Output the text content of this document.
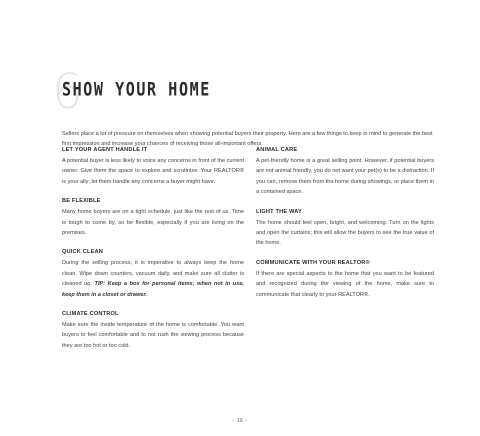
6
SHOW YOUR HOME
Sellers place a lot of pressure on themselves when showing potential buyers their property. Here are a few things to keep in mind to generate the best first impression and increase your chances of receiving those all-important offers.
LET YOUR AGENT HANDLE IT

A potential buyer is less likely to voice any concerns in front of the current owner. Give them the space to explore and scrutinize. Your REALTOR® is your ally; let them handle any concerns a buyer might have.

BE FLEXIBLE

Many home buyers are on a tight schedule, just like the rest of us. Time is tough to come by, so be flexible, especially if you are living on the premises.

QUICK CLEAN

During the selling process, it is imperative to always keep the home clean. Wipe down counters, vacuum daily, and make sure all clutter is cleaned up. TIP: Keep a box for personal items; when not in use, keep them in a closet or drawer.

CLIMATE CONTROL

Make sure the inside temperature of the home is comfortable. You want buyers to feel comfortable and to not rush the viewing process because they are too hot or too cold.

ANIMAL CARE

A pet-friendly home is a great selling point. However, if potential buyers are not animal friendly, you do not want your pet(s) to be a distraction. If you can, remove them from the home during showings, or place them in a contained space.

LIGHT THE WAY

The home should feel open, bright, and welcoming. Turn on the lights and open the curtains; this will allow the buyers to see the true value of the home.

COMMUNICATE WITH YOUR REALTOR®

If there are special aspects to the home that you want to be featured and recognized during the viewing of the home, make sure to communicate that clearly to your REALTOR®.

- 16 -
